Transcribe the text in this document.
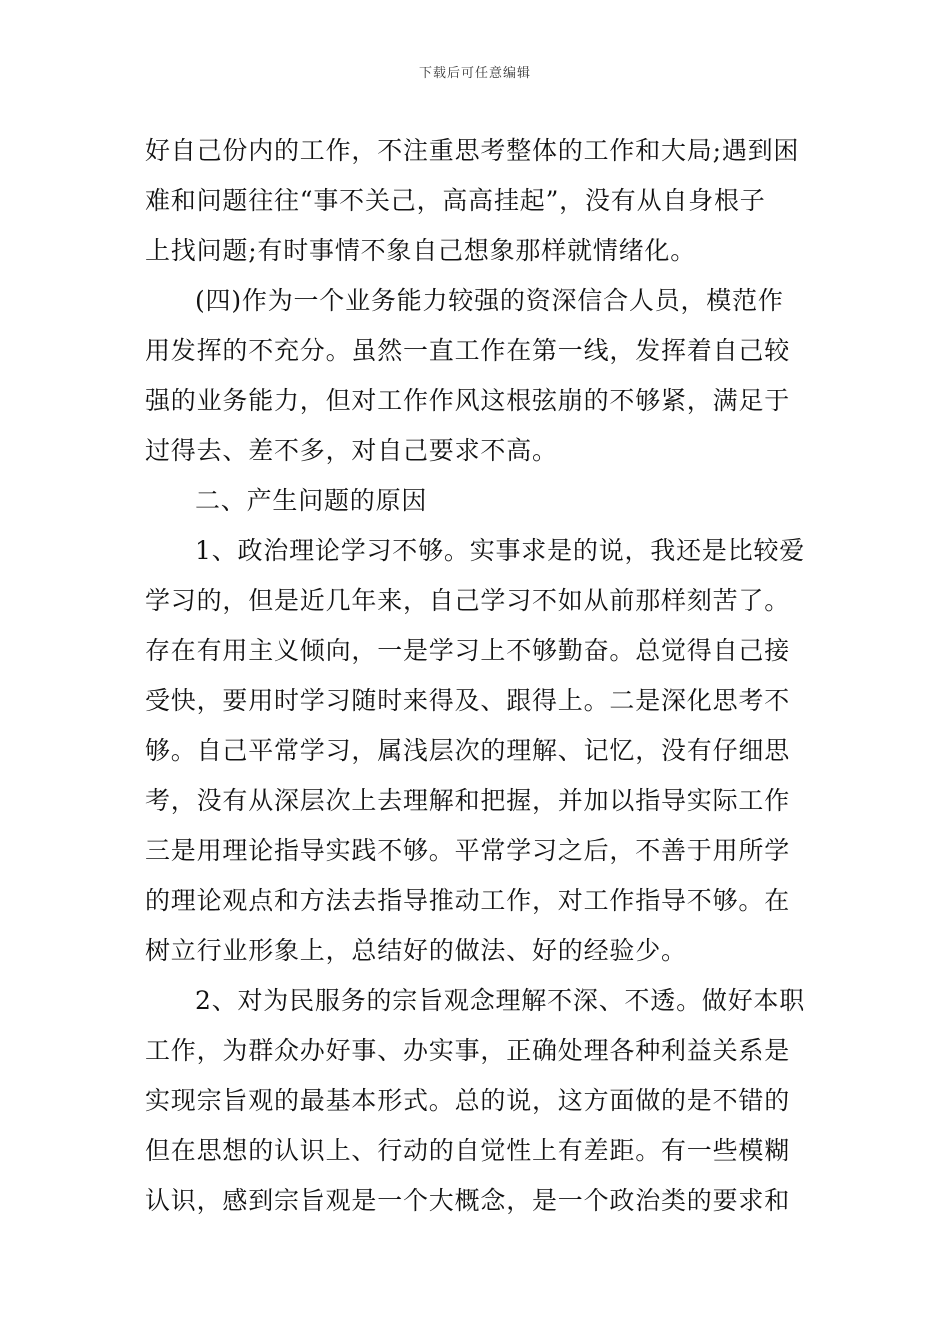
下载后可任意编辑
好自己份内的工作，不注重思考整体的工作和大局;遇到困
难和问题往往“事不关己，高高挂起”，没有从自身根子
上找问题;有时事情不象自己想象那样就情绪化。
(四)作为一个业务能力较强的资深信合人员，模范作
用发挥的不充分。虽然一直工作在第一线，发挥着自己较
强的业务能力，但对工作作风这根弦崩的不够紧，满足于
过得去、差不多，对自己要求不高。
二、产生问题的原因
1、政治理论学习不够。实事求是的说，我还是比较爱
学习的，但是近几年来，自己学习不如从前那样刻苦了。
存在有用主义倾向，一是学习上不够勤奋。总觉得自己接
受快，要用时学习随时来得及、跟得上。二是深化思考不
够。自己平常学习，属浅层次的理解、记忆，没有仔细思
考，没有从深层次上去理解和把握，并加以指导实际工作
三是用理论指导实践不够。平常学习之后，不善于用所学
的理论观点和方法去指导推动工作，对工作指导不够。在
树立行业形象上，总结好的做法、好的经验少。
2、对为民服务的宗旨观念理解不深、不透。做好本职
工作，为群众办好事、办实事，正确处理各种利益关系是
实现宗旨观的最基本形式。总的说，这方面做的是不错的
但在思想的认识上、行动的自觉性上有差距。有一些模糊
认识，感到宗旨观是一个大概念，是一个政治类的要求和
